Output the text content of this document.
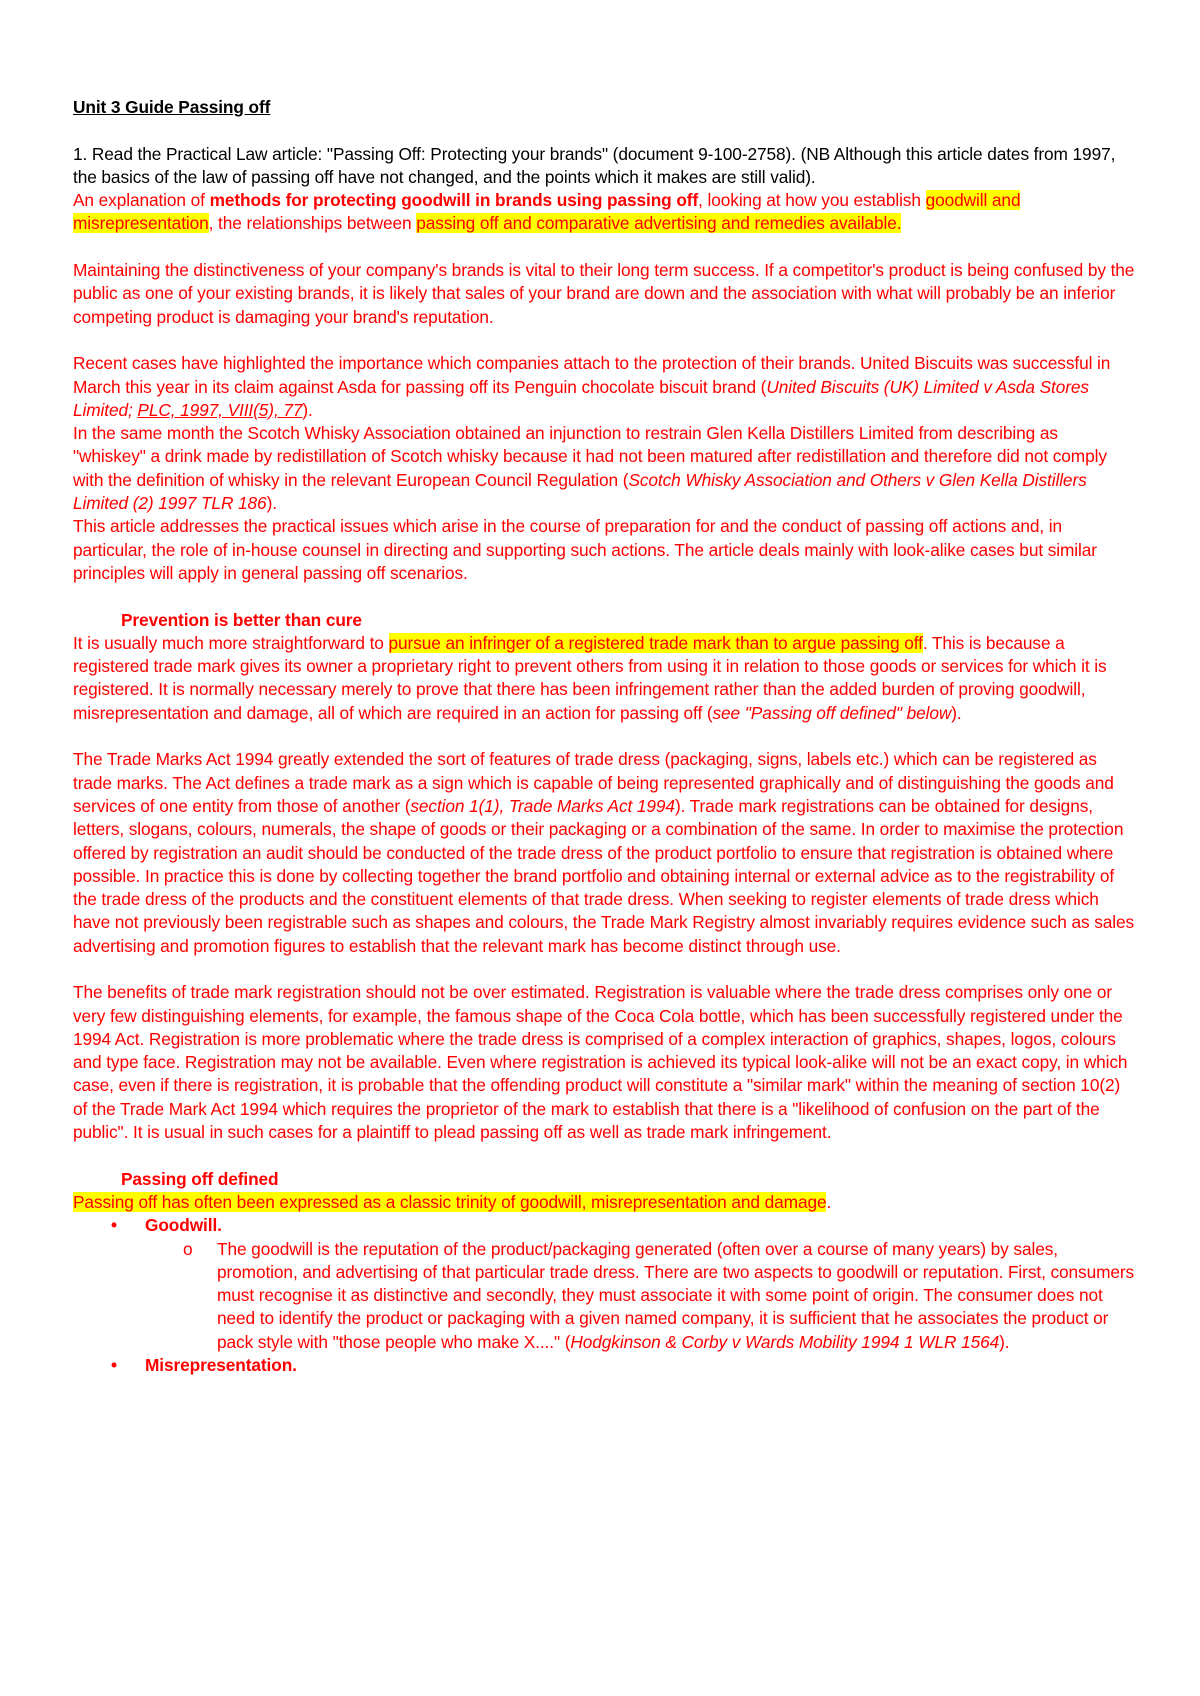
Unit 3 Guide Passing off

1. Read the Practical Law article: "Passing Off: Protecting your brands" (document 9-100-2758). (NB Although this article dates from 1997, the basics of the law of passing off have not changed, and the points which it makes are still valid).

An explanation of methods for protecting goodwill in brands using passing off, looking at how you establish goodwill and misrepresentation, the relationships between passing off and comparative advertising and remedies available.

Maintaining the distinctiveness of your company's brands is vital to their long term success. If a competitor's product is being confused by the public as one of your existing brands, it is likely that sales of your brand are down and the association with what will probably be an inferior competing product is damaging your brand's reputation.

Recent cases have highlighted the importance which companies attach to the protection of their brands. United Biscuits was successful in March this year in its claim against Asda for passing off its Penguin chocolate biscuit brand (United Biscuits (UK) Limited v Asda Stores Limited; PLC, 1997, VIII(5), 77).

In the same month the Scotch Whisky Association obtained an injunction to restrain Glen Kella Distillers Limited from describing as "whiskey" a drink made by redistillation of Scotch whisky because it had not been matured after redistillation and therefore did not comply with the definition of whisky in the relevant European Council Regulation (Scotch Whisky Association and Others v Glen Kella Distillers Limited (2) 1997 TLR 186).

This article addresses the practical issues which arise in the course of preparation for and the conduct of passing off actions and, in particular, the role of in-house counsel in directing and supporting such actions. The article deals mainly with look-alike cases but similar principles will apply in general passing off scenarios.

Prevention is better than cure

It is usually much more straightforward to pursue an infringer of a registered trade mark than to argue passing off. This is because a registered trade mark gives its owner a proprietary right to prevent others from using it in relation to those goods or services for which it is registered. It is normally necessary merely to prove that there has been infringement rather than the added burden of proving goodwill, misrepresentation and damage, all of which are required in an action for passing off (see "Passing off defined" below).

The Trade Marks Act 1994 greatly extended the sort of features of trade dress (packaging, signs, labels etc.) which can be registered as trade marks. The Act defines a trade mark as a sign which is capable of being represented graphically and of distinguishing the goods and services of one entity from those of another (section 1(1), Trade Marks Act 1994). Trade mark registrations can be obtained for designs, letters, slogans, colours, numerals, the shape of goods or their packaging or a combination of the same. In order to maximise the protection offered by registration an audit should be conducted of the trade dress of the product portfolio to ensure that registration is obtained where possible. In practice this is done by collecting together the brand portfolio and obtaining internal or external advice as to the registrability of the trade dress of the products and the constituent elements of that trade dress. When seeking to register elements of trade dress which have not previously been registrable such as shapes and colours, the Trade Mark Registry almost invariably requires evidence such as sales advertising and promotion figures to establish that the relevant mark has become distinct through use.

The benefits of trade mark registration should not be over estimated. Registration is valuable where the trade dress comprises only one or very few distinguishing elements, for example, the famous shape of the Coca Cola bottle, which has been successfully registered under the 1994 Act. Registration is more problematic where the trade dress is comprised of a complex interaction of graphics, shapes, logos, colours and type face. Registration may not be available. Even where registration is achieved its typical look-alike will not be an exact copy, in which case, even if there is registration, it is probable that the offending product will constitute a "similar mark" within the meaning of section 10(2) of the Trade Mark Act 1994 which requires the proprietor of the mark to establish that there is a "likelihood of confusion on the part of the public". It is usual in such cases for a plaintiff to plead passing off as well as trade mark infringement.

Passing off defined

Passing off has often been expressed as a classic trinity of goodwill, misrepresentation and damage.

• Goodwill.
o The goodwill is the reputation of the product/packaging generated (often over a course of many years) by sales, promotion, and advertising of that particular trade dress. There are two aspects to goodwill or reputation. First, consumers must recognise it as distinctive and secondly, they must associate it with some point of origin. The consumer does not need to identify the product or packaging with a given named company, it is sufficient that he associates the product or pack style with "those people who make X...." (Hodgkinson & Corby v Wards Mobility 1994 1 WLR 1564).
• Misrepresentation.
